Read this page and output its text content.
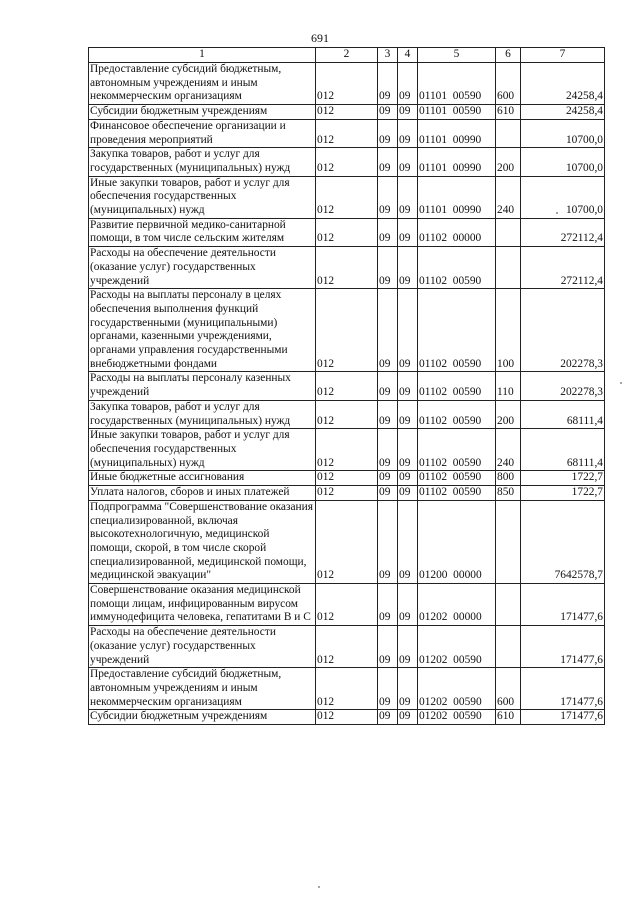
691
1	2	3	4	5	6	7
Предоставление субсидий бюджетным, автономным учреждениям и иным некоммерческим организациям	012	09	09	01101  00590	600	24258,4
Субсидии бюджетным учреждениям	012	09	09	01101  00590	610	24258,4
Финансовое обеспечение организации и проведения мероприятий	012	09	09	01101  00990		10700,0
Закупка товаров, работ и услуг для государственных (муниципальных) нужд	012	09	09	01101  00990	200	10700,0
Иные закупки товаров, работ и услуг для обеспечения государственных (муниципальных) нужд	012	09	09	01101  00990	240	10700,0
Развитие первичной медико-санитарной помощи, в том числе сельским жителям	012	09	09	01102  00000		272112,4
Расходы на обеспечение деятельности (оказание услуг) государственных учреждений	012	09	09	01102  00590		272112,4
Расходы на выплаты персоналу в целях обеспечения выполнения функций государственными (муниципальными) органами, казенными учреждениями, органами управления государственными внебюджетными фондами	012	09	09	01102  00590	100	202278,3
Расходы на выплаты персоналу казенных учреждений	012	09	09	01102  00590	110	202278,3
Закупка товаров, работ и услуг для государственных (муниципальных) нужд	012	09	09	01102  00590	200	68111,4
Иные закупки товаров, работ и услуг для обеспечения государственных (муниципальных) нужд	012	09	09	01102  00590	240	68111,4
Иные бюджетные ассигнования	012	09	09	01102  00590	800	1722,7
Уплата налогов, сборов и иных платежей	012	09	09	01102  00590	850	1722,7
Подпрограмма "Совершенствование оказания специализированной, включая высокотехнологичную, медицинской помощи, скорой, в том числе скорой специализированной, медицинской помощи, медицинской эвакуации"	012	09	09	01200  00000		7642578,7
Совершенствование оказания медицинской помощи лицам, инфицированным вирусом иммунодефицита человека, гепатитами В и С	012	09	09	01202  00000		171477,6
Расходы на обеспечение деятельности (оказание услуг) государственных учреждений	012	09	09	01202  00590		171477,6
Предоставление субсидий бюджетным, автономным учреждениям и иным некоммерческим организациям	012	09	09	01202  00590	600	171477,6
Субсидии бюджетным учреждениям	012	09	09	01202  00590	610	171477,6
